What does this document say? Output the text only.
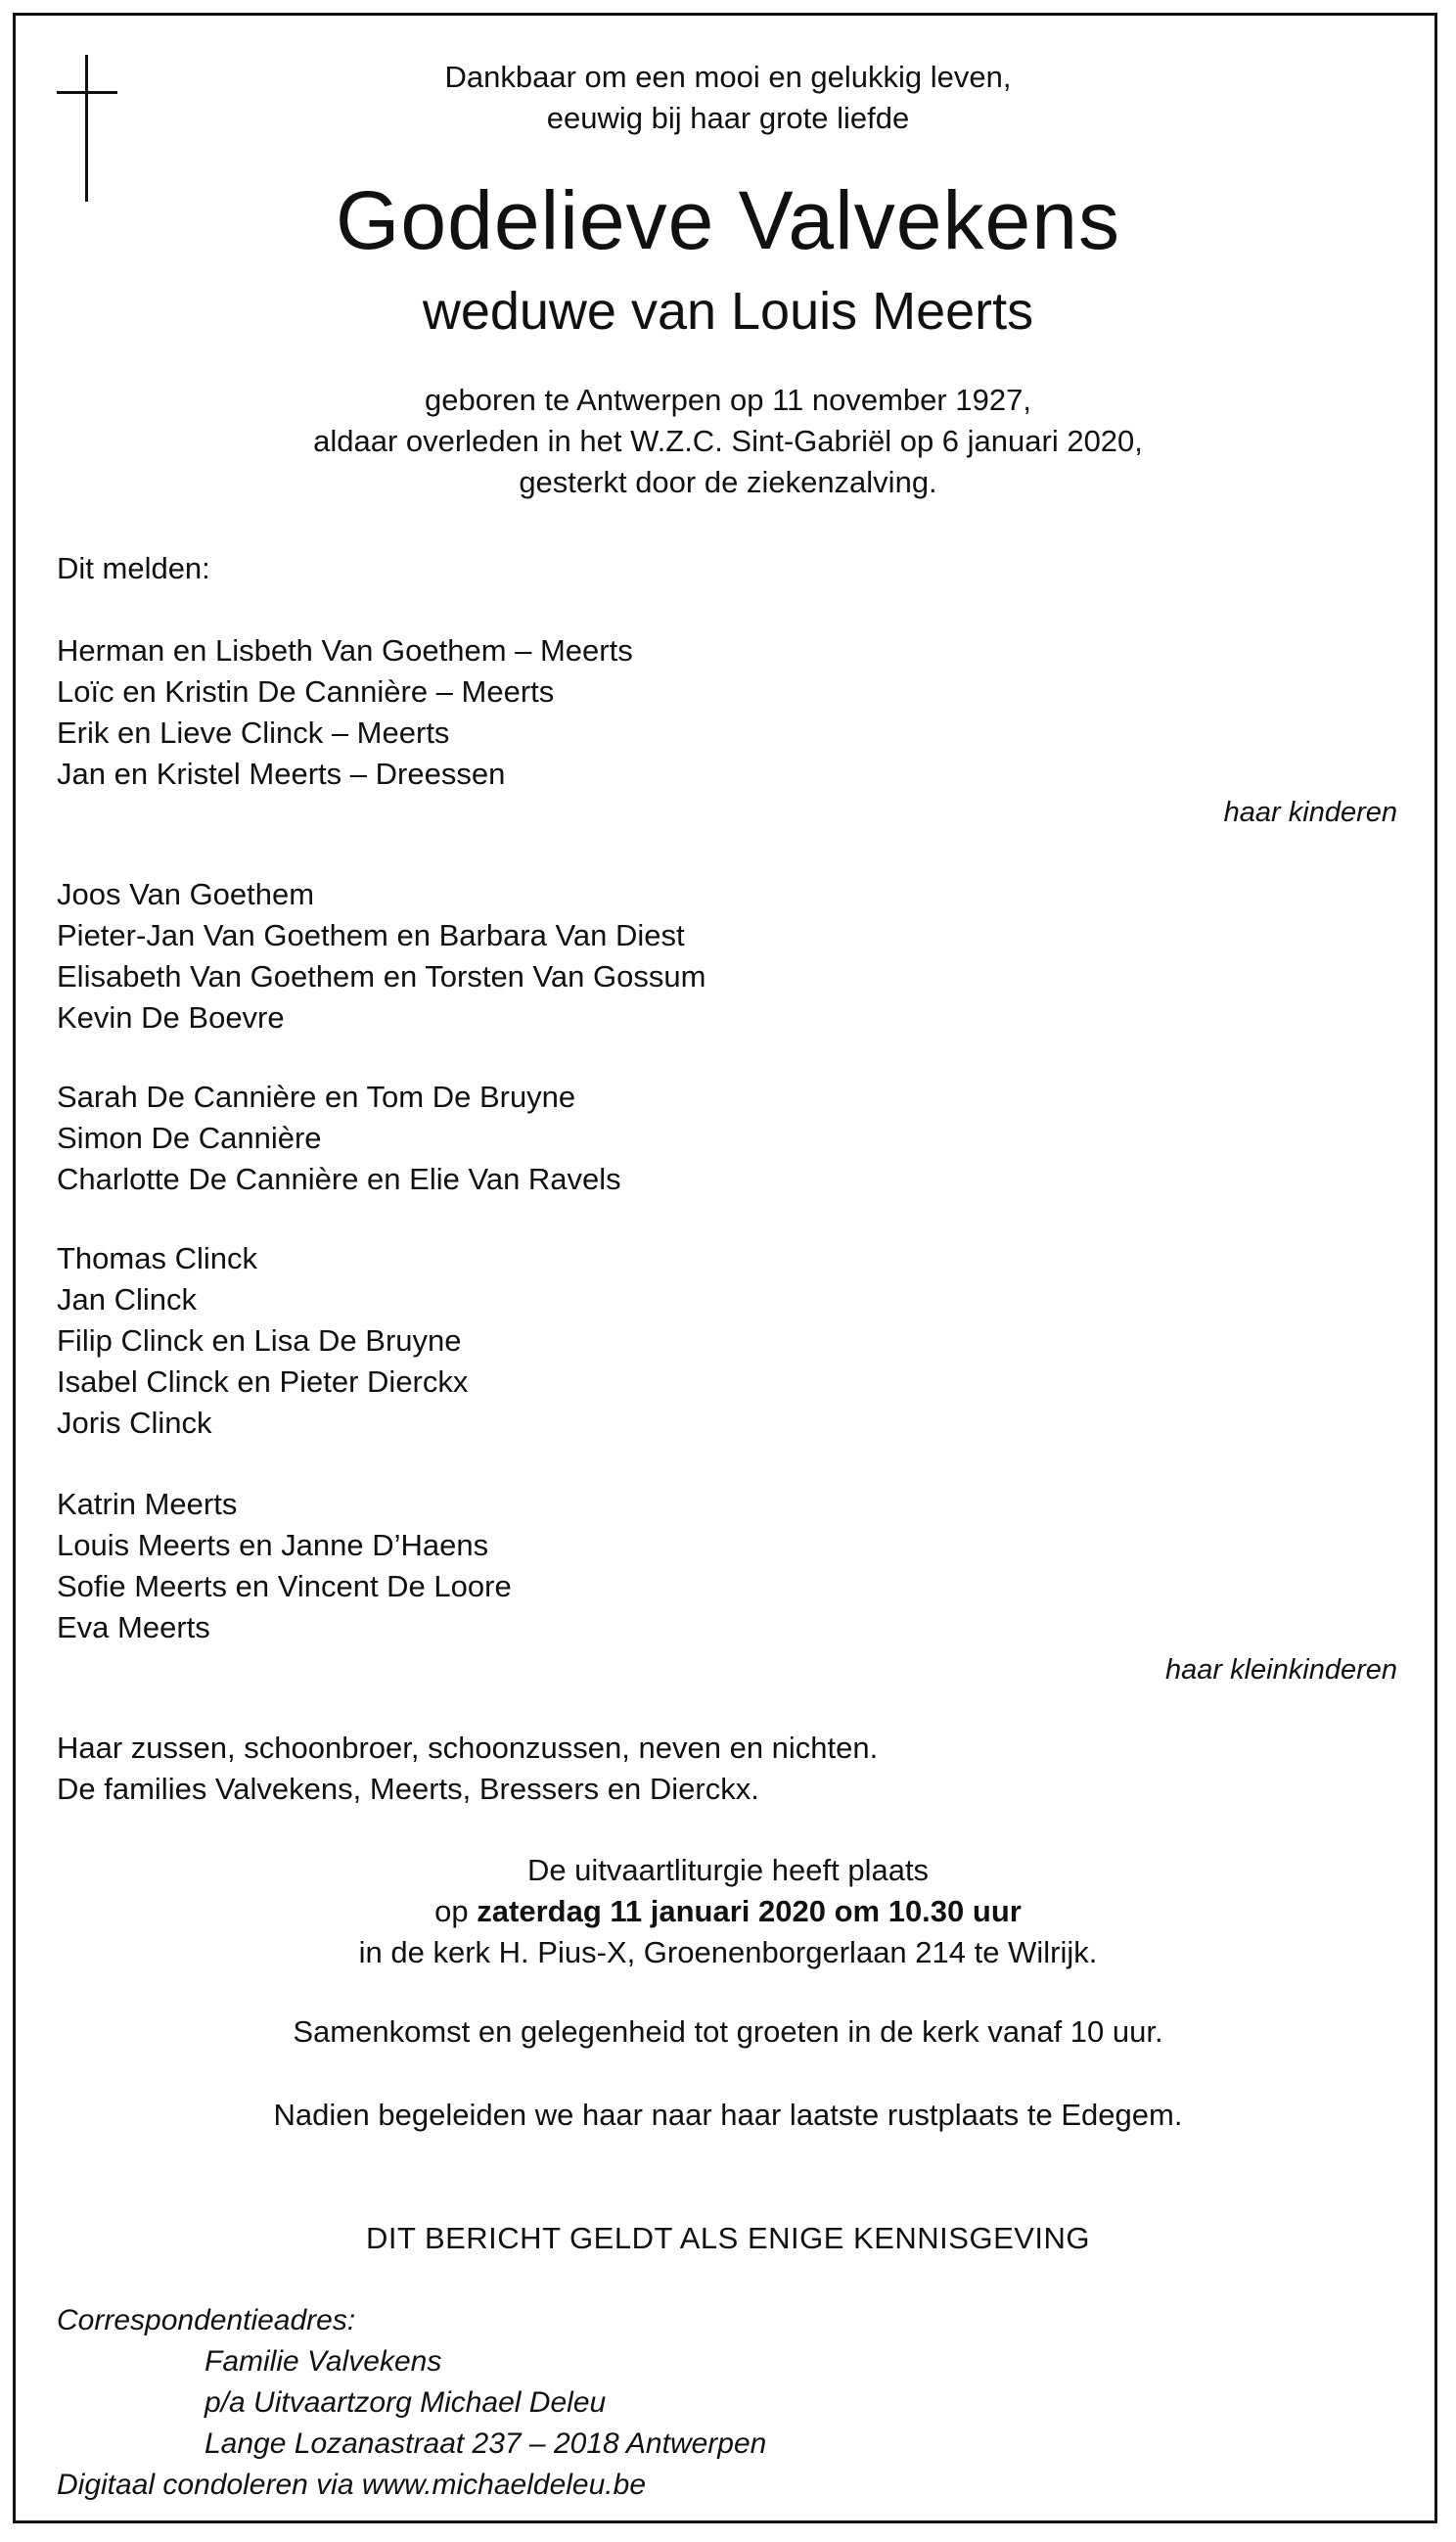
Dankbaar om een mooi en gelukkig leven,
eeuwig bij haar grote liefde
Godelieve Valvekens
weduwe van Louis Meerts
geboren te Antwerpen op 11 november 1927,
aldaar overleden in het W.Z.C. Sint-Gabriël op 6 januari 2020,
gesterkt door de ziekenzalving.
Dit melden:
Herman en Lisbeth Van Goethem – Meerts
Loïc en Kristin De Cannière – Meerts
Erik en Lieve Clinck – Meerts
Jan en Kristel Meerts – Dreessen
haar kinderen
Joos Van Goethem
Pieter-Jan Van Goethem en Barbara Van Diest
Elisabeth Van Goethem en Torsten Van Gossum
Kevin De Boevre
Sarah De Cannière en Tom De Bruyne
Simon De Cannière
Charlotte De Cannière en Elie Van Ravels
Thomas Clinck
Jan Clinck
Filip Clinck en Lisa De Bruyne
Isabel Clinck en Pieter Dierckx
Joris Clinck
Katrin Meerts
Louis Meerts en Janne D’Haens
Sofie Meerts en Vincent De Loore
Eva Meerts
haar kleinkinderen
Haar zussen, schoonbroer, schoonzussen, neven en nichten.
De families Valvekens, Meerts, Bressers en Dierckx.
De uitvaartliturgie heeft plaats
op zaterdag 11 januari 2020 om 10.30 uur
in de kerk H. Pius-X, Groenenborgerlaan 214 te Wilrijk.
Samenkomst en gelegenheid tot groeten in de kerk vanaf 10 uur.
Nadien begeleiden we haar naar haar laatste rustplaats te Edegem.
DIT BERICHT GELDT ALS ENIGE KENNISGEVING
Correspondentieadres:
Familie Valvekens
p/a Uitvaartzorg Michael Deleu
Lange Lozanastraat 237 – 2018 Antwerpen
Digitaal condoleren via www.michaeldeleu.be
